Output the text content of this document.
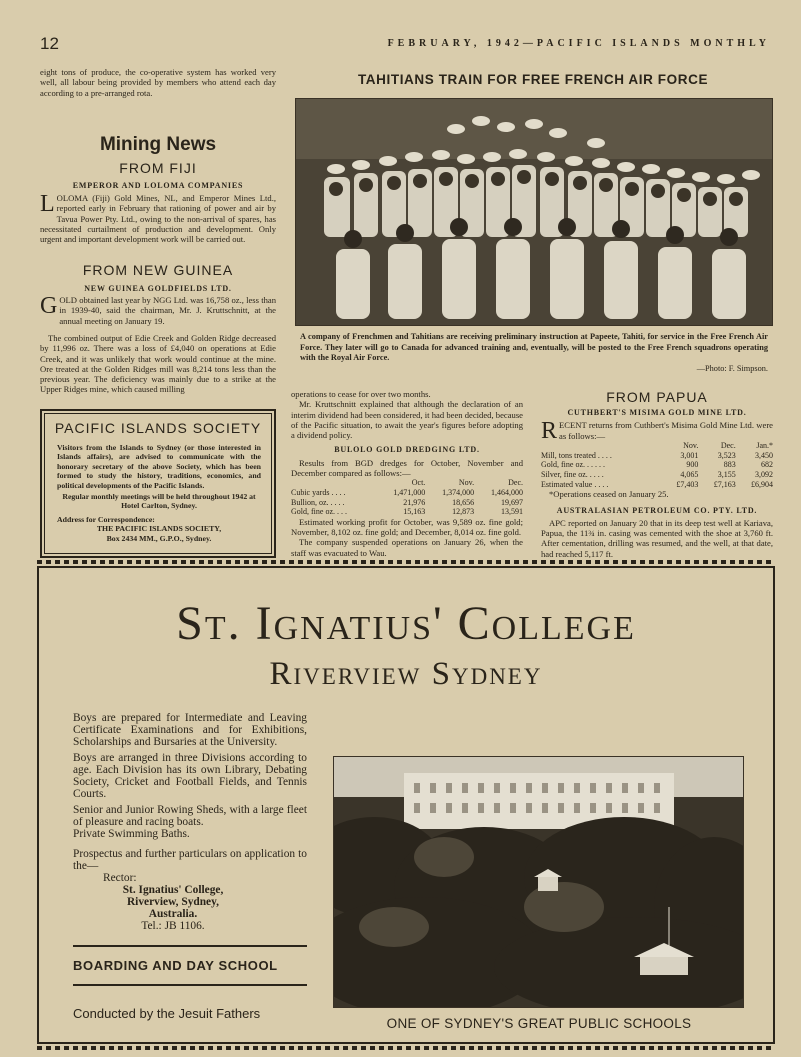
12	FEBRUARY, 1942—PACIFIC ISLANDS MONTHLY
eight tons of produce, the co-operative system has worked very well, all labour being provided by members who attend each day according to a pre-arranged rota.
Mining News
FROM FIJI
EMPEROR AND LOLOMA COMPANIES
LOLOMA (Fiji) Gold Mines, NL, and Emperor Mines Ltd., reported early in February that rationing of power and air by Tavua Power Pty. Ltd., owing to the non-arrival of spares, has necessitated curtailment of production and development. Only urgent and important development work will be carried out.
FROM NEW GUINEA
NEW GUINEA GOLDFIELDS LTD.
GOLD obtained last year by NGG Ltd. was 16,758 oz., less than in 1939-40, said the chairman, Mr. J. Kruttschnitt, at the annual meeting on January 19.
The combined output of Edie Creek and Golden Ridge decreased by 11,996 oz. There was a loss of £4,040 on operations at Edie Creek, and it was unlikely that work would continue at the mine. Ore treated at the Golden Ridges mill was 8,214 tons less than the previous year. The deficiency was mainly due to a strike at the Upper Ridges mine, which caused milling
PACIFIC ISLANDS SOCIETY
Visitors from the Islands to Sydney (or those interested in Islands affairs), are advised to communicate with the honorary secretary of the above Society, which has been formed to study the history, traditions, economics, and political developments of the Pacific Islands.
Regular monthly meetings will be held throughout 1942 at Hotel Carlton, Sydney.
Address for Correspondence:
THE PACIFIC ISLANDS SOCIETY,
Box 2434 MM., G.P.O., Sydney.
TAHITIANS TRAIN FOR FREE FRENCH AIR FORCE
A company of Frenchmen and Tahitians are receiving preliminary instruction at Papeete, Tahiti, for service in the Free French Air Force. They later will go to Canada for advanced training and, eventually, will be posted to the Free French squadrons operating with the Royal Air Force.
—Photo: F. Simpson.
operations to cease for over two months.
Mr. Kruttschnitt explained that although the declaration of an interim dividend had been considered, it had been decided, because of the Pacific situation, to await the year's figures before adopting a dividend policy.
BULOLO GOLD DREDGING LTD.
Results from BGD dredges for October, November and December compared as follows:—
	Oct.	Nov.	Dec.
Cubic yards . . . .	1,471,000	1,374,000	1,464,000
Bullion, oz. . . . .	21,976	18,656	19,697
Gold, fine oz. . . .	15,163	12,873	13,591
Estimated working profit for October, was 9,589 oz. fine gold; November, 8,102 oz. fine gold; and December, 8,014 oz. fine gold.
The company suspended operations on January 26, when the staff was evacuated to Wau.
FROM PAPUA
CUTHBERT'S MISIMA GOLD MINE LTD.
RECENT returns from Cuthbert's Misima Gold Mine Ltd. were as follows:—
	Nov.	Dec.	Jan.*
Mill, tons treated . . . .	3,001	3,523	3,450
Gold, fine oz. . . . . .	900	883	682
Silver, fine oz. . . . .	4,065	3,155	3,092
Estimated value . . . .	£7,403	£7,163	£6,904
*Operations ceased on January 25.
AUSTRALASIAN PETROLEUM CO. PTY. LTD.
APC reported on January 20 that in its deep test well at Kariava, Papua, the 11¾ in. casing was cemented with the shoe at 3,760 ft. After cementation, drilling was resumed, and the well, at that date, had reached 5,117 ft.
St. Ignatius' College
Riverview Sydney
Boys are prepared for Intermediate and Leaving Certificate Examinations and for Exhibitions, Scholarships and Bursaries at the University.
Boys are arranged in three Divisions according to age. Each Division has its own Library, Debating Society, Cricket and Football Fields, and Tennis Courts.
Senior and Junior Rowing Sheds, with a large fleet of pleasure and racing boats.
Private Swimming Baths.
Prospectus and further particulars on application to the—
Rector:
St. Ignatius' College,
Riverview, Sydney,
Australia.
Tel.: JB 1106.
BOARDING AND DAY SCHOOL
Conducted by the Jesuit Fathers
ONE OF SYDNEY'S GREAT PUBLIC SCHOOLS
